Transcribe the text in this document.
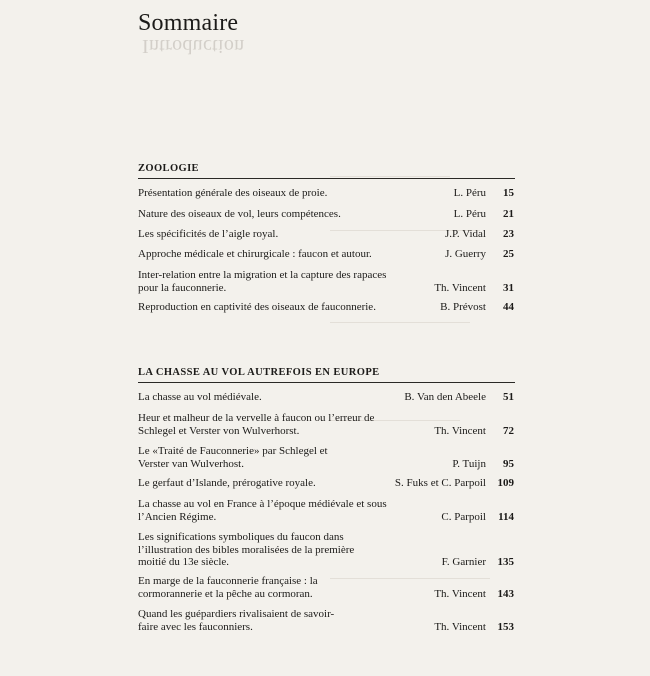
Sommaire
Introduction
ZOOLOGIE
Présentation générale des oiseaux de proie.	L. Péru 15
Nature des oiseaux de vol, leurs compétences.	L. Péru 21
Les spécificités de l’aigle royal.	J.P. Vidal 23
Approche médicale et chirurgicale : faucon et autour.	J. Guerry 25
Inter-relation entre la migration et la capture des rapaces pour la fauconnerie.	Th. Vincent 31
Reproduction en captivité des oiseaux de fauconnerie.	B. Prévost 44
LA CHASSE AU VOL AUTREFOIS EN EUROPE
La chasse au vol médiévale.	B. Van den Abeele 51
Heur et malheur de la vervelle à faucon ou l’erreur de Schlegel et Verster von Wulverhorst.	Th. Vincent 72
Le «Traité de Fauconnerie» par Schlegel et Verster van Wulverhost.	P. Tuijn 95
Le gerfaut d’Islande, prérogative royale.	S. Fuks et C. Parpoil 109
La chasse au vol en France à l’époque médiévale et sous l’Ancien Régime.	C. Parpoil 114
Les significations symboliques du faucon dans l’illustration des bibles moralisées de la première moitié du 13e siècle.	F. Garnier 135
En marge de la fauconnerie française : la cormorannerie et la pêche au cormoran.	Th. Vincent 143
Quand les guépardiers rivalisaient de savoir-faire avec les fauconniers.	Th. Vincent 153
